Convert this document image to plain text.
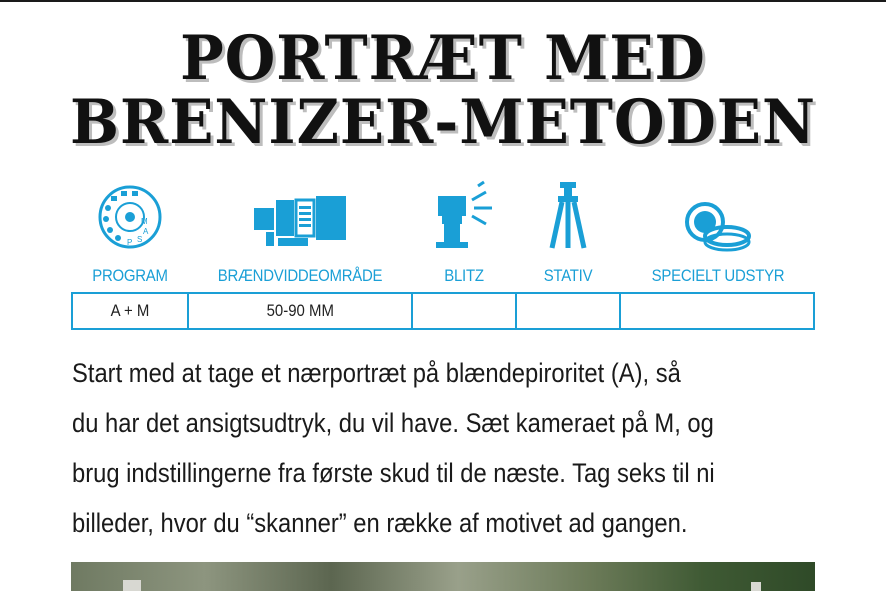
PORTRÆT MED
BRENIZER-METODEN
M
A
S
P
PROGRAM	BRÆNDVIDDEOMRÅDE	BLITZ	STATIV	SPECIELT UDSTYR
A + M	50-90 MM

Start med at tage et nærportræt på blændepiroritet (A), så

du har det ansigtsudtryk, du vil have. Sæt kameraet på M, og

brug indstillingerne fra første skud til de næste. Tag seks til ni

billeder, hvor du “skanner” en række af motivet ad gangen.
